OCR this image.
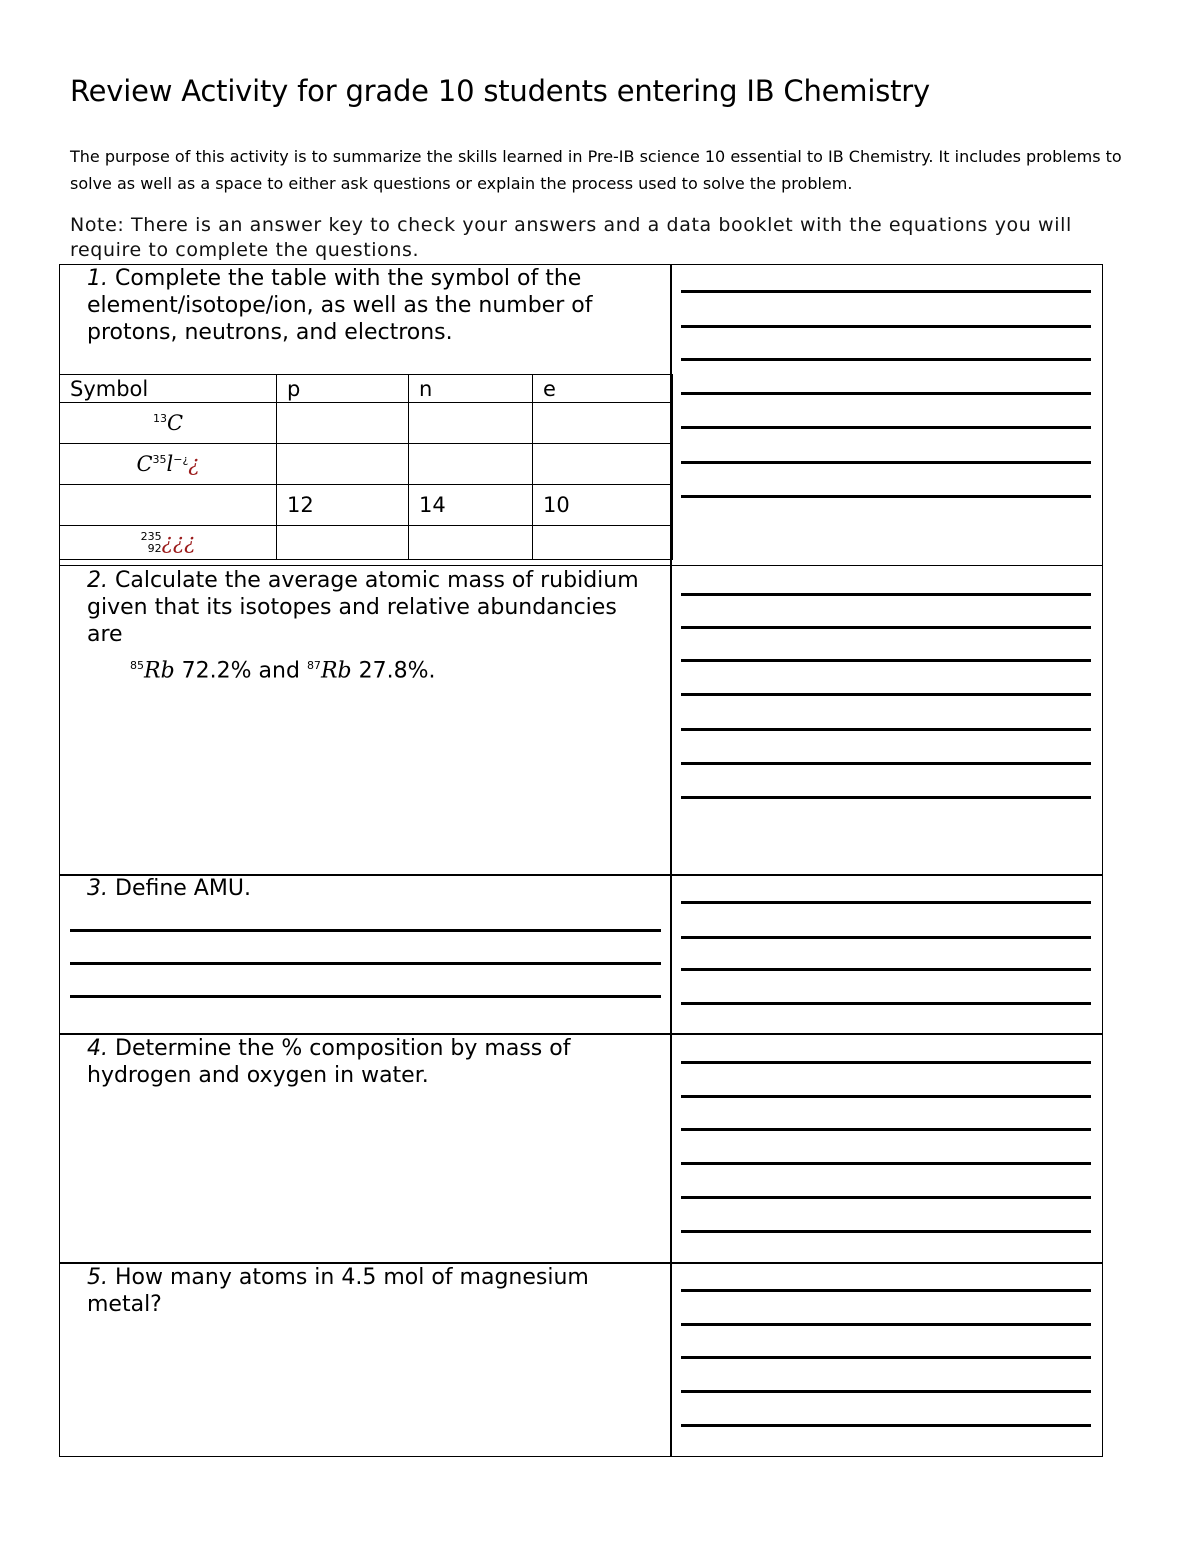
Review Activity for grade 10 students entering IB Chemistry
The purpose of this activity is to summarize the skills learned in Pre-IB science 10 essential to IB Chemistry. It includes problems to solve as well as a space to either ask questions or explain the process used to solve the problem.
Note: There is an answer key to check your answers and a data booklet with the equations you will require to complete the questions.
1. Complete the table with the symbol of the element/isotope/ion, as well as the number of protons, neutrons, and electrons.
Symbol	p	n	e
$^{13}$C			
$C^{35}l^{-¿}¿$			
	12	14	10

235
92 ¿¿¿			
2. Calculate the average atomic mass of rubidium given that its isotopes and relative abundancies are
$^{85}$Rb 72.2% and $^{87}$Rb 27.8%.
3. Define AMU.
4. Determine the % composition by mass of hydrogen and oxygen in water.
5. How many atoms in 4.5 mol of magnesium metal?
